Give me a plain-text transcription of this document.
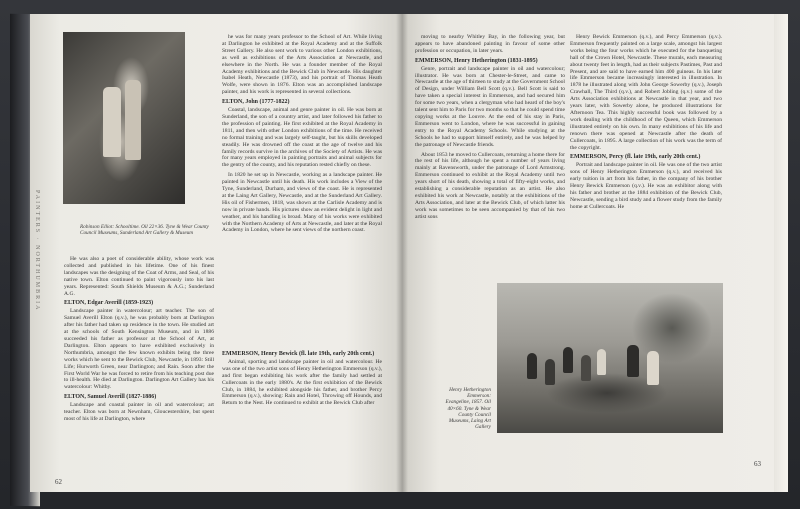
Robinson Elliot: Schooltime. Oil 22×36. Tyne & Wear County Council Museums, Sunderland Art Gallery & Museum
PAINTERS · NORTHUMBRIA

he was for many years professor to the School of Art. While living at Darlington he exhibited at the Royal Academy and at the Suffolk Street Gallery. He also sent work to various other London exhibitions, as well as exhibitions of the Arts Association at Newcastle, and elsewhere in the North. He was a founder member of the Royal Academy exhibitions and the Bewick Club in Newcastle. His daughter Isabel Heath, Newcastle (1873), and his portrait of Thomas Heath Wolfe, were shown in 1876. Elton was an accomplished landscape painter, and his work is represented in several collections.

ELTON, John (1777-1822)

Coastal, landscape, animal and genre painter in oil. He was born at Sunderland, the son of a country artist, and later followed his father to the profession of painting. He first exhibited at the Royal Academy in 1811, and then with other London exhibitions of the time. He received no formal training and was largely self-taught, but his skills developed steadily. He was drowned off the coast at the age of twelve and his family records survive in the archives of the Society of Artists. He was for many years employed in painting portraits and animal subjects for the gentry of the county, and his reputation rested chiefly on these.

In 1820 he set up in Newcastle, working as a landscape painter. He painted in Newcastle until his death. His work includes a View of the Tyne, Sunderland, Durham, and views of the coast. He is represented at the Laing Art Gallery, Newcastle, and at the Sunderland Art Gallery. His oil of Fishermen, 1818, was shown at the Carlisle Academy and is now in private hands. His pictures show an evident delight in light and weather, and his handling is broad. Many of his works were exhibited with the Northern Academy of Arts at Newcastle, and later at the Royal Academy in London, where he sent views of the northern coast.

He was also a poet of considerable ability, whose work was collected and published in his lifetime. One of his finest landscapes was the designing of the Coat of Arms, and Seal, of his native town. Elton continued to paint vigorously into his last years. Represented: South Shields Museum & A.G.; Sunderland A.G.

ELTON, Edgar Averill (1859-1923)

Landscape painter in watercolour; art teacher. The son of Samuel Averill Elton (q.v.), he was probably born at Darlington after his father had taken up residence in the town. He studied art at the schools of South Kensington Museum, and in 1886 succeeded his father as professor at the School of Art, at Darlington. Elton appears to have exhibited exclusively in Northumbria, amongst the few known exhibits being the three works which he sent to the Bewick Club, Newcastle, in 1893: Still Life; Hurworth Green, near Darlington; and Rain. Soon after the First World War he was forced to retire from his teaching post due to ill-health. He died at Darlington. Darlington Art Gallery has his watercolour: Whitby.

ELTON, Samuel Averill (1827-1886)

Landscape and coastal painter in oil and watercolour; art teacher. Elton was born at Newnham, Gloucestershire, but spent most of his life at Darlington, where

EMMERSON, Henry Bewick (fl. late 19th, early 20th cent.)

Animal, sporting and landscape painter in oil and watercolour. He was one of the two artist sons of Henry Hetherington Emmerson (q.v.), and first began exhibiting his work after the family had settled at Cullercoats in the early 1880's. At the first exhibition of the Bewick Club, in 1884, he exhibited alongside his father, and brother Percy Emmerson (q.v.), showing: Rain and Hotel, Throwing off Hounds, and Return to the Nest. He continued to exhibit at the Bewick Club after

62

moving to nearby Whitley Bay, in the following year, but appears to have abandoned painting in favour of some other profession or occupation, in later years.

EMMERSON, Henry Hetherington (1831-1895)

Genre, portrait and landscape painter in oil and watercolour; illustrator. He was born at Chester-le-Street, and came to Newcastle at the age of thirteen to study at the Government School of Design, under William Bell Scott (q.v.). Bell Scott is said to have taken a special interest in Emmerson, and had secured him for some two years, when a clergyman who had heard of the boy's talent sent him to Paris for two months so that he could spend time copying works at the Louvre. At the end of his stay in Paris, Emmerson went to London, where he was successful in gaining entry to the Royal Academy Schools. While studying at the Schools he had to support himself entirely, and he was helped by the patronage of Newcastle friends.

About 1853 he moved to Cullercoats, returning a home there for the rest of his life, although he spent a number of years living mainly at Ravensworth, under the patronage of Lord Armstrong. Emmerson continued to exhibit at the Royal Academy until two years short of his death, showing a total of fifty-eight works, and establishing a considerable reputation as an artist. He also exhibited his work at Newcastle, notably at the exhibitions of the Arts Association, and later at the Bewick Club, of which latter his work was sometimes to be seen accompanied by that of his two artist sons

Henry Bewick Emmerson (q.v.), and Percy Emmerson (q.v.). Emmerson frequently painted on a large scale, amongst his largest works being the four works which he executed for the banqueting hall of the Crown Hotel, Newcastle. These murals, each measuring about twenty feet in length, had as their subjects Pastimes, Past and Present, and are said to have earned him 400 guineas. In his later life Emmerson became increasingly interested in illustration. In 1878 he illustrated along with John George Sowerby (q.v.), Joseph Crawhall, The Third (q.v.), and Robert Jobling (q.v.) some of the Arts Association exhibitions at Newcastle in that year, and two years later, with Sowerby alone, he produced illustrations for Afternoon Tea. This highly successful book was followed by a work dealing with the childhood of the Queen, which Emmerson illustrated entirely on his own. In many exhibitions of his life and renown there was opened at Newcastle after the death of Cullercoats, in 1895. A large collection of his work was the term of the copyright.

EMMERSON, Percy (fl. late 19th, early 20th cent.)

Portrait and landscape painter in oil. He was one of the two artist sons of Henry Hetherington Emmerson (q.v.), and received his early tuition in art from his father, in the company of his brother Henry Bewick Emmerson (q.v.). He was an exhibitor along with his father and brother at the 1884 exhibition of the Bewick Club, Newcastle, sending a bird study and a flower study from the family home at Cullercoats. He

Henry Hetherington Emmerson: Evangeline, 1857. Oil 40×60. Tyne & Wear County Council Museums, Laing Art Gallery
63
